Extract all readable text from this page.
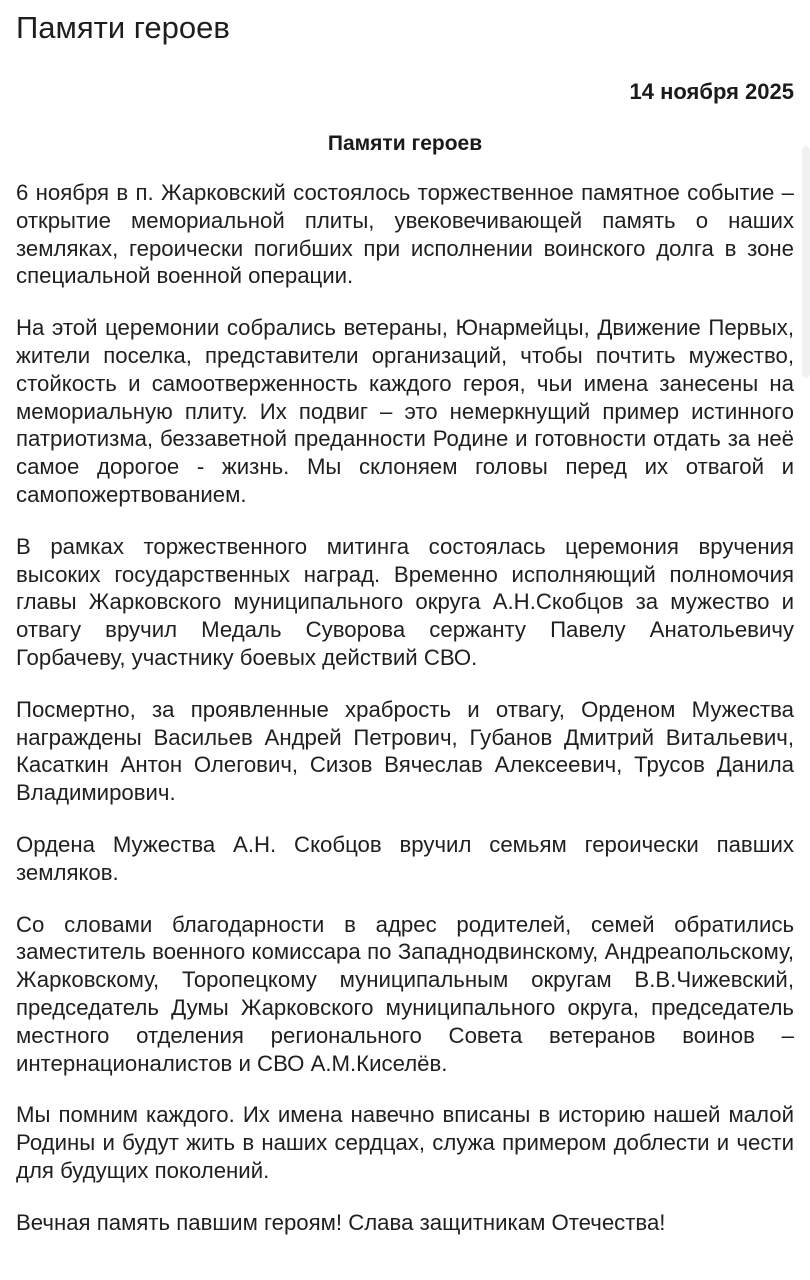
Памяти героев
14 ноября 2025
Памяти героев

6 ноября в п. Жарковский состоялось торжественное памятное событие – открытие мемориальной плиты, увековечивающей память о наших земляках, героически погибших при исполнении воинского долга в зоне специальной военной операции.

На этой церемонии собрались ветераны, Юнармейцы, Движение Первых, жители поселка, представители организаций, чтобы почтить мужество, стойкость и самоотверженность каждого героя, чьи имена занесены на мемориальную плиту. Их подвиг – это немеркнущий пример истинного патриотизма, беззаветной преданности Родине и готовности отдать за неё самое дорогое - жизнь. Мы склоняем головы перед их отвагой и самопожертвованием.

В рамках торжественного митинга состоялась церемония вручения высоких государственных наград. Временно исполняющий полномочия главы Жарковского муниципального округа А.Н.Скобцов за мужество и отвагу вручил Медаль Суворова сержанту Павелу Анатольевичу Горбачеву, участнику боевых действий СВО.

Посмертно, за проявленные храбрость и отвагу, Орденом Мужества награждены Васильев Андрей Петрович, Губанов Дмитрий Витальевич, Касаткин Антон Олегович, Сизов Вячеслав Алексеевич, Трусов Данила Владимирович.

Ордена Мужества А.Н. Скобцов вручил семьям героически павших земляков.

Со словами благодарности в адрес родителей, семей обратились заместитель военного комиссара по Западнодвинскому, Андреапольскому, Жарковскому, Торопецкому муниципальным округам В.В.Чижевский, председатель Думы Жарковского муниципального округа, председатель местного отделения регионального Совета ветеранов воинов – интернационалистов и СВО А.М.Киселёв.

Мы помним каждого. Их имена навечно вписаны в историю нашей малой Родины и будут жить в наших сердцах, служа примером доблести и чести для будущих поколений.

Вечная память павшим героям! Слава защитникам Отечества!
